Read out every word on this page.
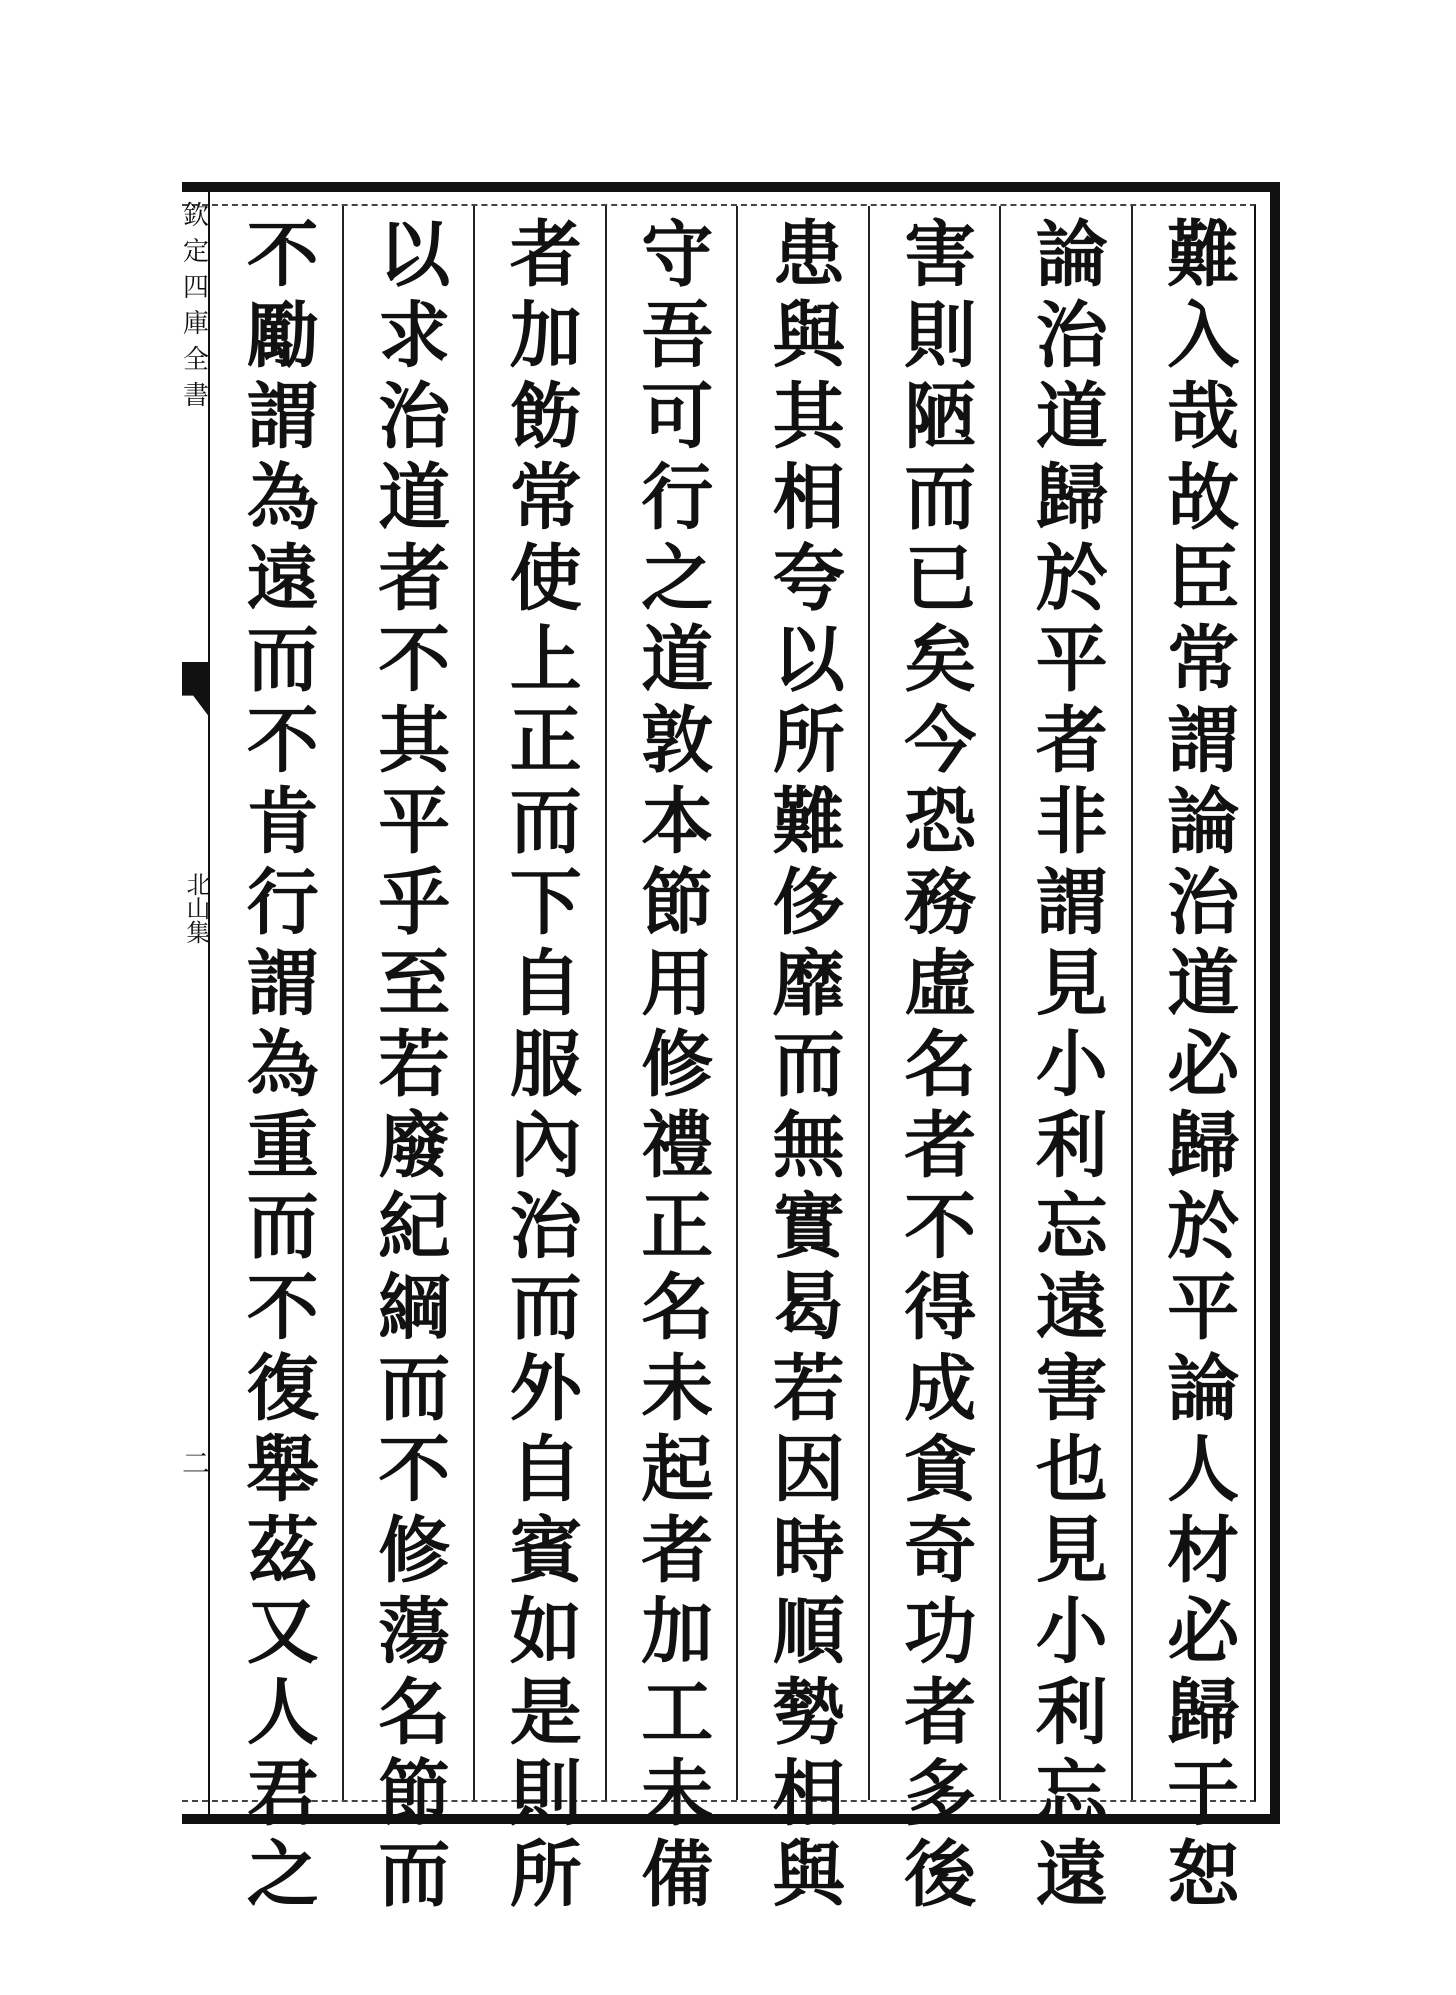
欽
定
四
庫
全
書
北山集
二	難入哉故臣常謂論治道必歸於平論人材必歸于恕
論治道歸於平者非謂見小利忘遠害也見小利忘遠
害則陋而已矣今恐務虛名者不得成貪奇功者多後
患與其相夸以所難侈靡而無實曷若因時順勢相與
守吾可行之道敦本節用修禮正名未起者加工未備
者加飭常使上正而下自服內治而外自賓如是則所
以求治道者不其平乎至若廢紀綱而不修蕩名節而
不勵謂為遠而不肯行謂為重而不復舉茲又人君之
